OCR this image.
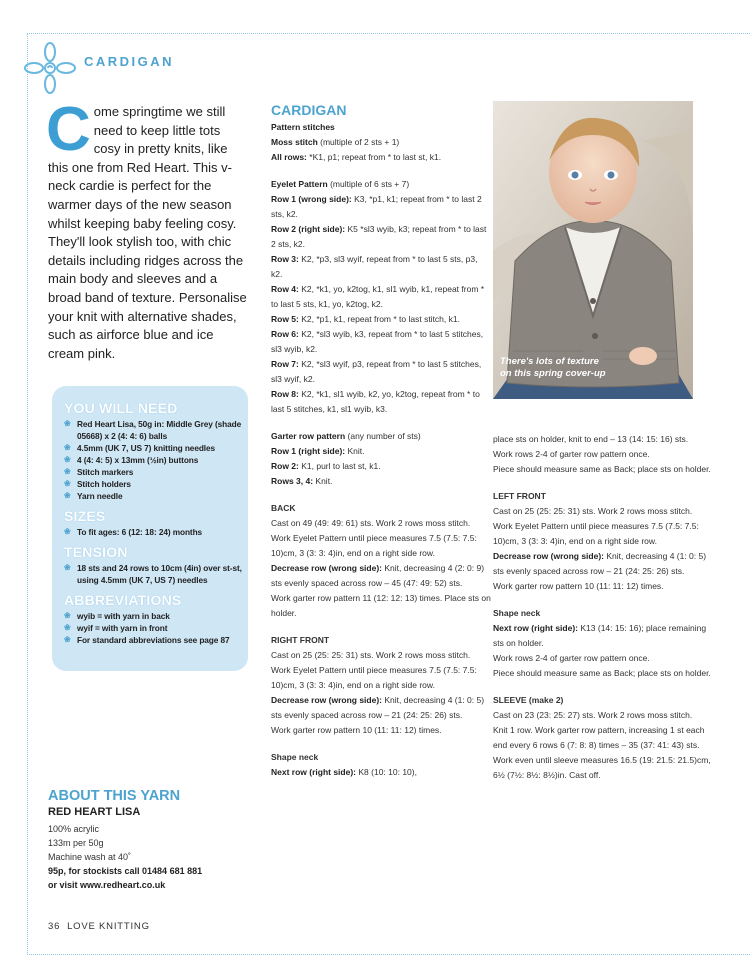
CARDIGAN
Come springtime we still need to keep little tots cosy in pretty knits, like this one from Red Heart. This v-neck cardie is perfect for the warmer days of the new season whilst keeping baby feeling cosy. They'll look stylish too, with chic details including ridges across the main body and sleeves and a broad band of texture. Personalise your knit with alternative shades, such as airforce blue and ice cream pink.
YOU WILL NEED
❀ Red Heart Lisa, 50g in: Middle Grey (shade 05668) x 2 (4: 4: 6) balls
❀ 4.5mm (UK 7, US 7) knitting needles
❀ 4 (4: 4: 5) x 13mm (½in) buttons
❀ Stitch markers
❀ Stitch holders
❀ Yarn needle
SIZES
❀ To fit ages: 6 (12: 18: 24) months
TENSION
❀ 18 sts and 24 rows to 10cm (4in) over st-st, using 4.5mm (UK 7, US 7) needles
ABBREVIATIONS
❀ wyib = with yarn in back
❀ wyif = with yarn in front
❀ For standard abbreviations see page 87
ABOUT THIS YARN
RED HEART LISA

100% acrylic

133m per 50g

Machine wash at 40˚

95p, for stockists call 01484 681 881

or visit www.redheart.co.uk

36 LOVE KNITTING
CARDIGAN

Pattern stitches

Moss stitch (multiple of 2 sts + 1)

All rows: *K1, p1; repeat from * to last st, k1.

Eyelet Pattern (multiple of 6 sts + 7)

Row 1 (wrong side): K3, *p1, k1; repeat from * to last 2 sts, k2.

Row 2 (right side): K5 *sl3 wyib, k3; repeat from * to last 2 sts, k2.

Row 3: K2, *p3, sl3 wyif, repeat from * to last 5 sts, p3, k2.

Row 4: K2, *k1, yo, k2tog, k1, sl1 wyib, k1, repeat from * to last 5 sts, k1, yo, k2tog, k2.

Row 5: K2, *p1, k1, repeat from * to last stitch, k1.

Row 6: K2, *sl3 wyib, k3, repeat from * to last 5 stitches, sl3 wyib, k2.

Row 7: K2, *sl3 wyif, p3, repeat from * to last 5 stitches, sl3 wyif, k2.

Row 8: K2, *k1, sl1 wyib, k2, yo, k2tog, repeat from * to last 5 stitches, k1, sl1 wyib, k3.

Garter row pattern (any number of sts)

Row 1 (right side): Knit.

Row 2: K1, purl to last st, k1.

Rows 3, 4: Knit.

BACK

Cast on 49 (49: 49: 61) sts. Work 2 rows moss stitch.

Work Eyelet Pattern until piece measures 7.5 (7.5: 7.5: 10)cm, 3 (3: 3: 4)in, end on a right side row.

Decrease row (wrong side): Knit, decreasing 4 (2: 0: 9) sts evenly spaced across row – 45 (47: 49: 52) sts.

Work garter row pattern 11 (12: 12: 13) times. Place sts on holder.

RIGHT FRONT

Cast on 25 (25: 25: 31) sts. Work 2 rows moss stitch.

Work Eyelet Pattern until piece measures 7.5 (7.5: 7.5: 10)cm, 3 (3: 3: 4)in, end on a right side row.

Decrease row (wrong side): Knit, decreasing 4 (1: 0: 5) sts evenly spaced across row – 21 (24: 25: 26) sts.

Work garter row pattern 10 (11: 11: 12) times.

Shape neck

Next row (right side): K8 (10: 10: 10),

There's lots of texture on this spring cover-up

place sts on holder, knit to end – 13 (14: 15: 16) sts.

Work rows 2-4 of garter row pattern once.

Piece should measure same as Back; place sts on holder.

LEFT FRONT

Cast on 25 (25: 25: 31) sts. Work 2 rows moss stitch.

Work Eyelet Pattern until piece measures 7.5 (7.5: 7.5: 10)cm, 3 (3: 3: 4)in, end on a right side row.

Decrease row (wrong side): Knit, decreasing 4 (1: 0: 5) sts evenly spaced across row – 21 (24: 25: 26) sts.

Work garter row pattern 10 (11: 11: 12) times.

Shape neck

Next row (right side): K13 (14: 15: 16); place remaining sts on holder.

Work rows 2-4 of garter row pattern once.

Piece should measure same as Back; place sts on holder.

SLEEVE (make 2)

Cast on 23 (23: 25: 27) sts. Work 2 rows moss stitch.

Knit 1 row. Work garter row pattern, increasing 1 st each end every 6 rows 6 (7: 8: 8) times – 35 (37: 41: 43) sts. Work even until sleeve measures 16.5 (19: 21.5: 21.5)cm, 6½ (7½: 8½: 8½)in. Cast off.
